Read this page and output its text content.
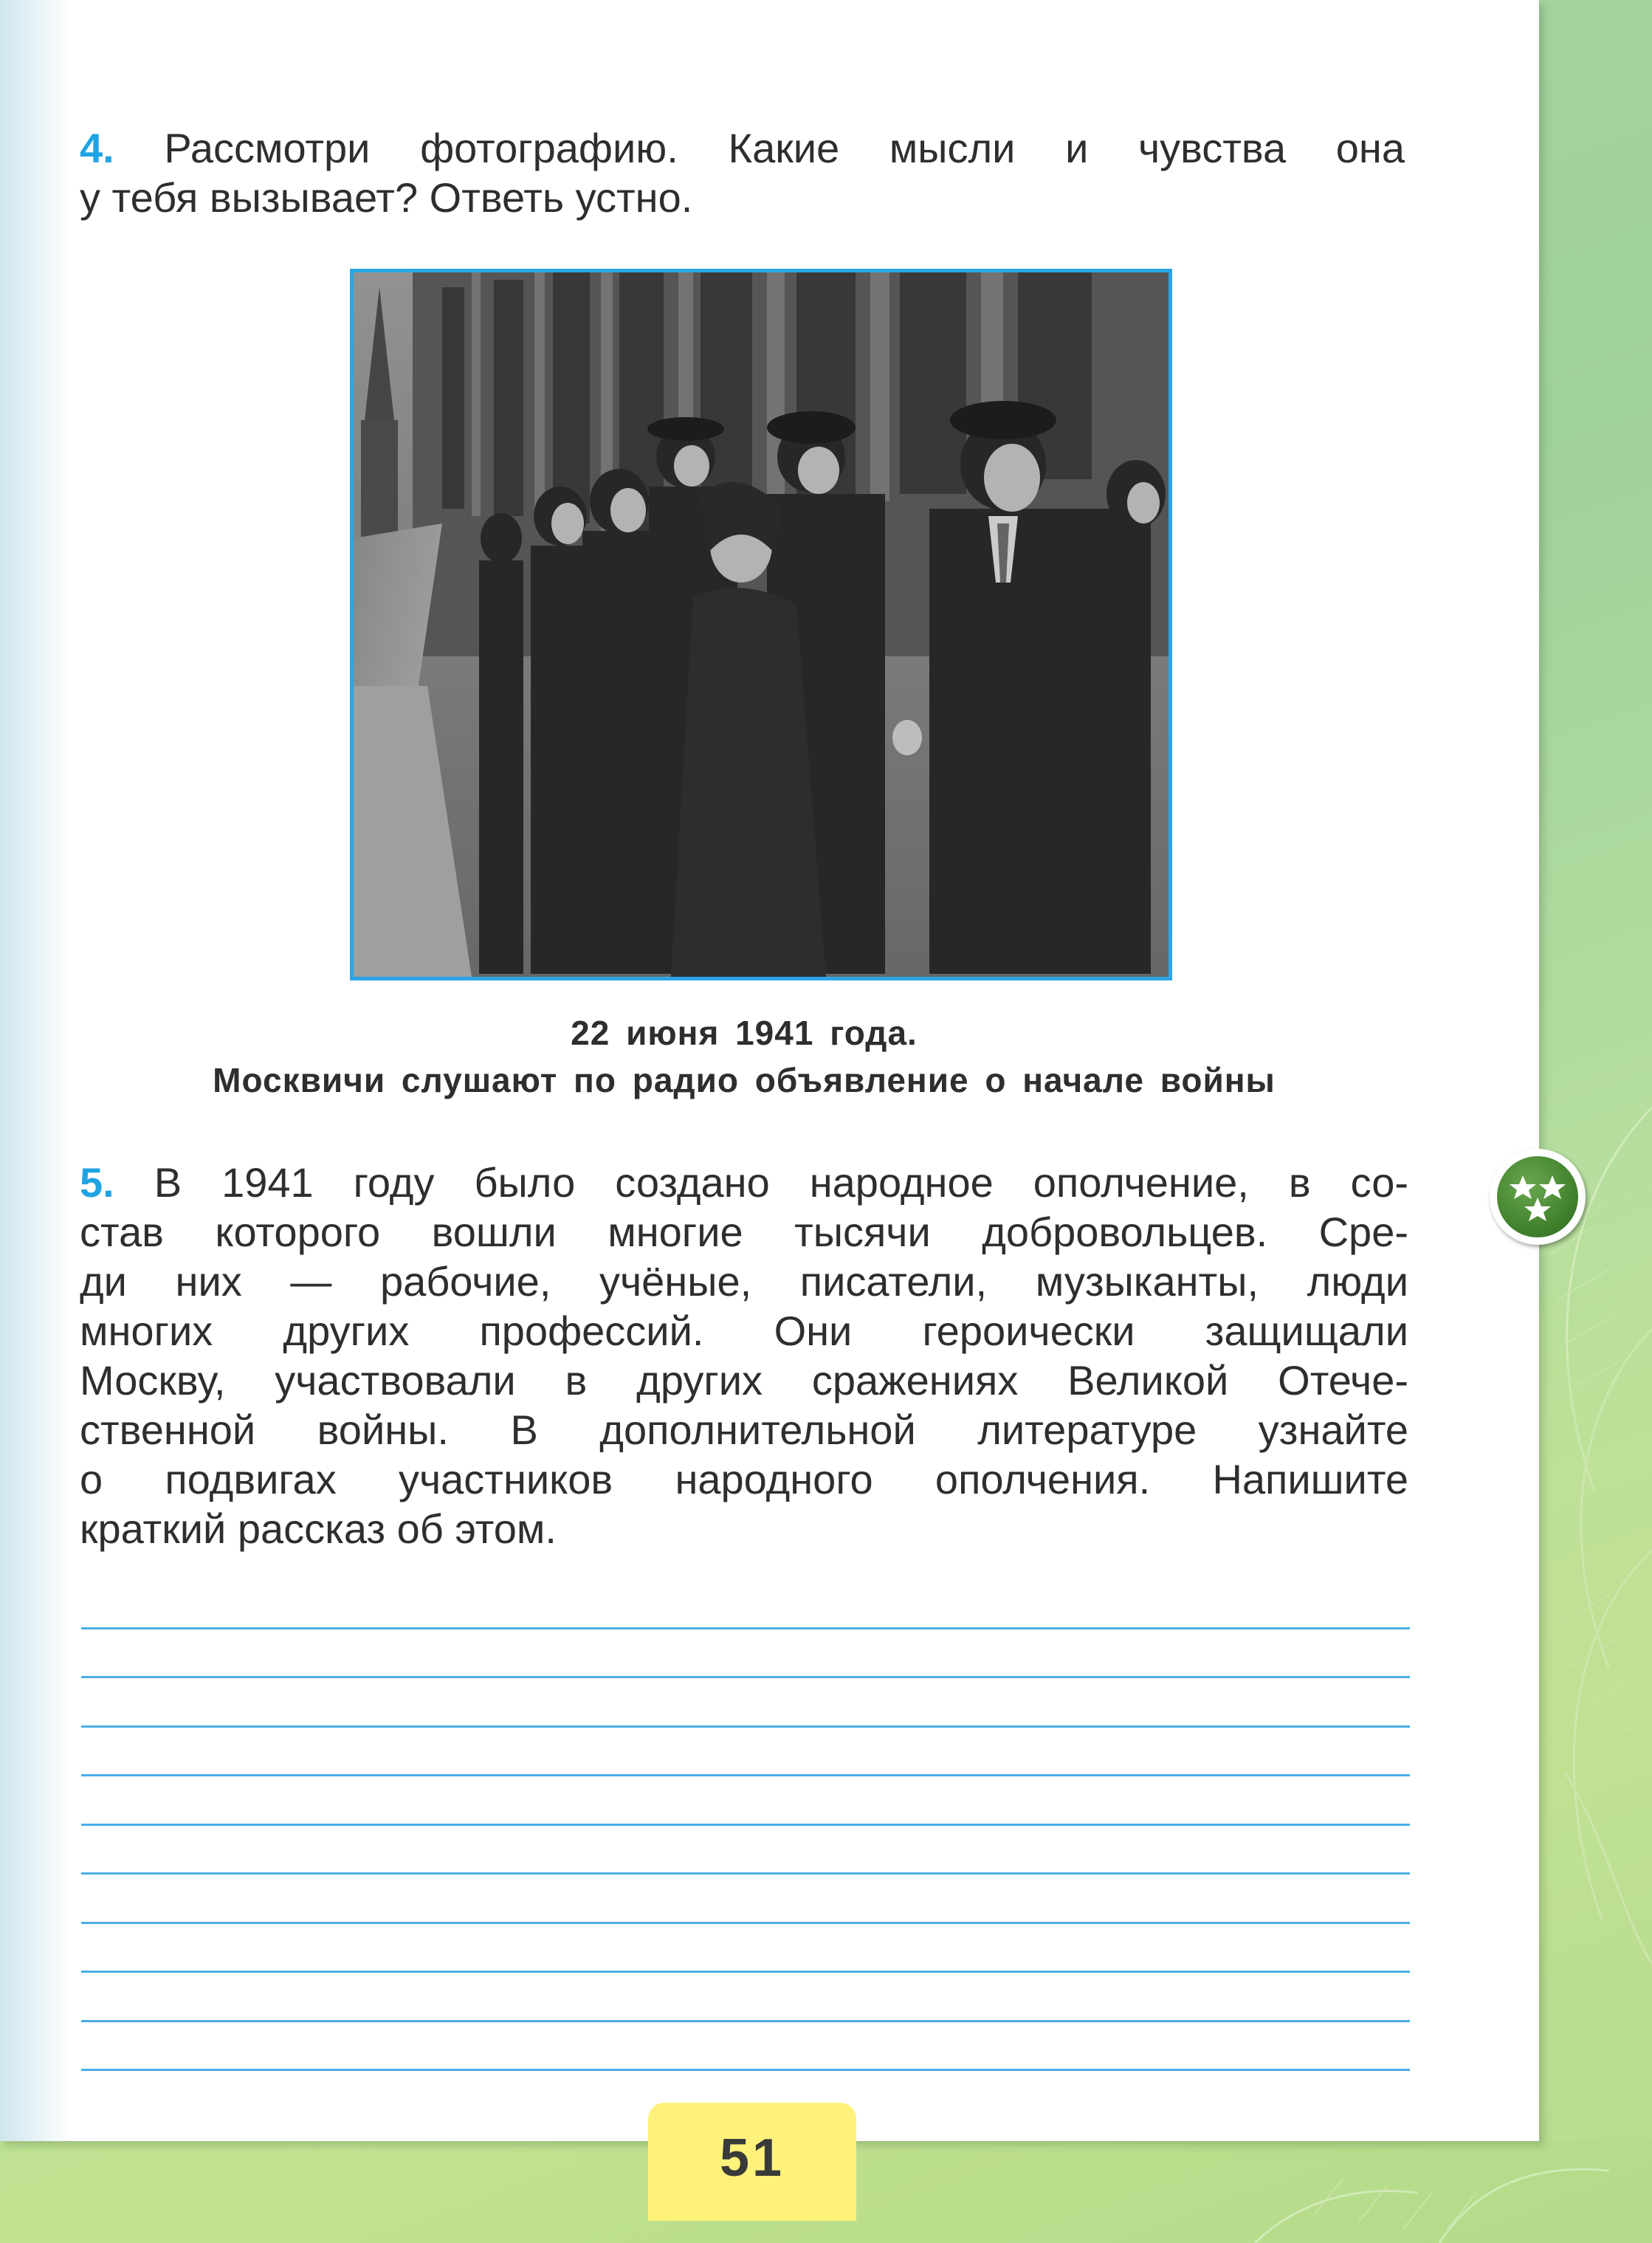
4. Рассмотри фотографию. Какие мысли и чувства она
у тебя вызывает? Ответь устно.
22 июня 1941 года.
Москвичи слушают по радио объявление о начале войны
5. В 1941 году было создано народное ополчение, в со-
став которого вошли многие тысячи добровольцев. Сре-
ди них — рабочие, учёные, писатели, музыканты, люди
многих других профессий. Они героически защищали
Москву, участвовали в других сражениях Великой Отече-
ственной войны. В дополнительной литературе узнайте
о подвигах участников народного ополчения. Напишите
краткий рассказ об этом.
51
